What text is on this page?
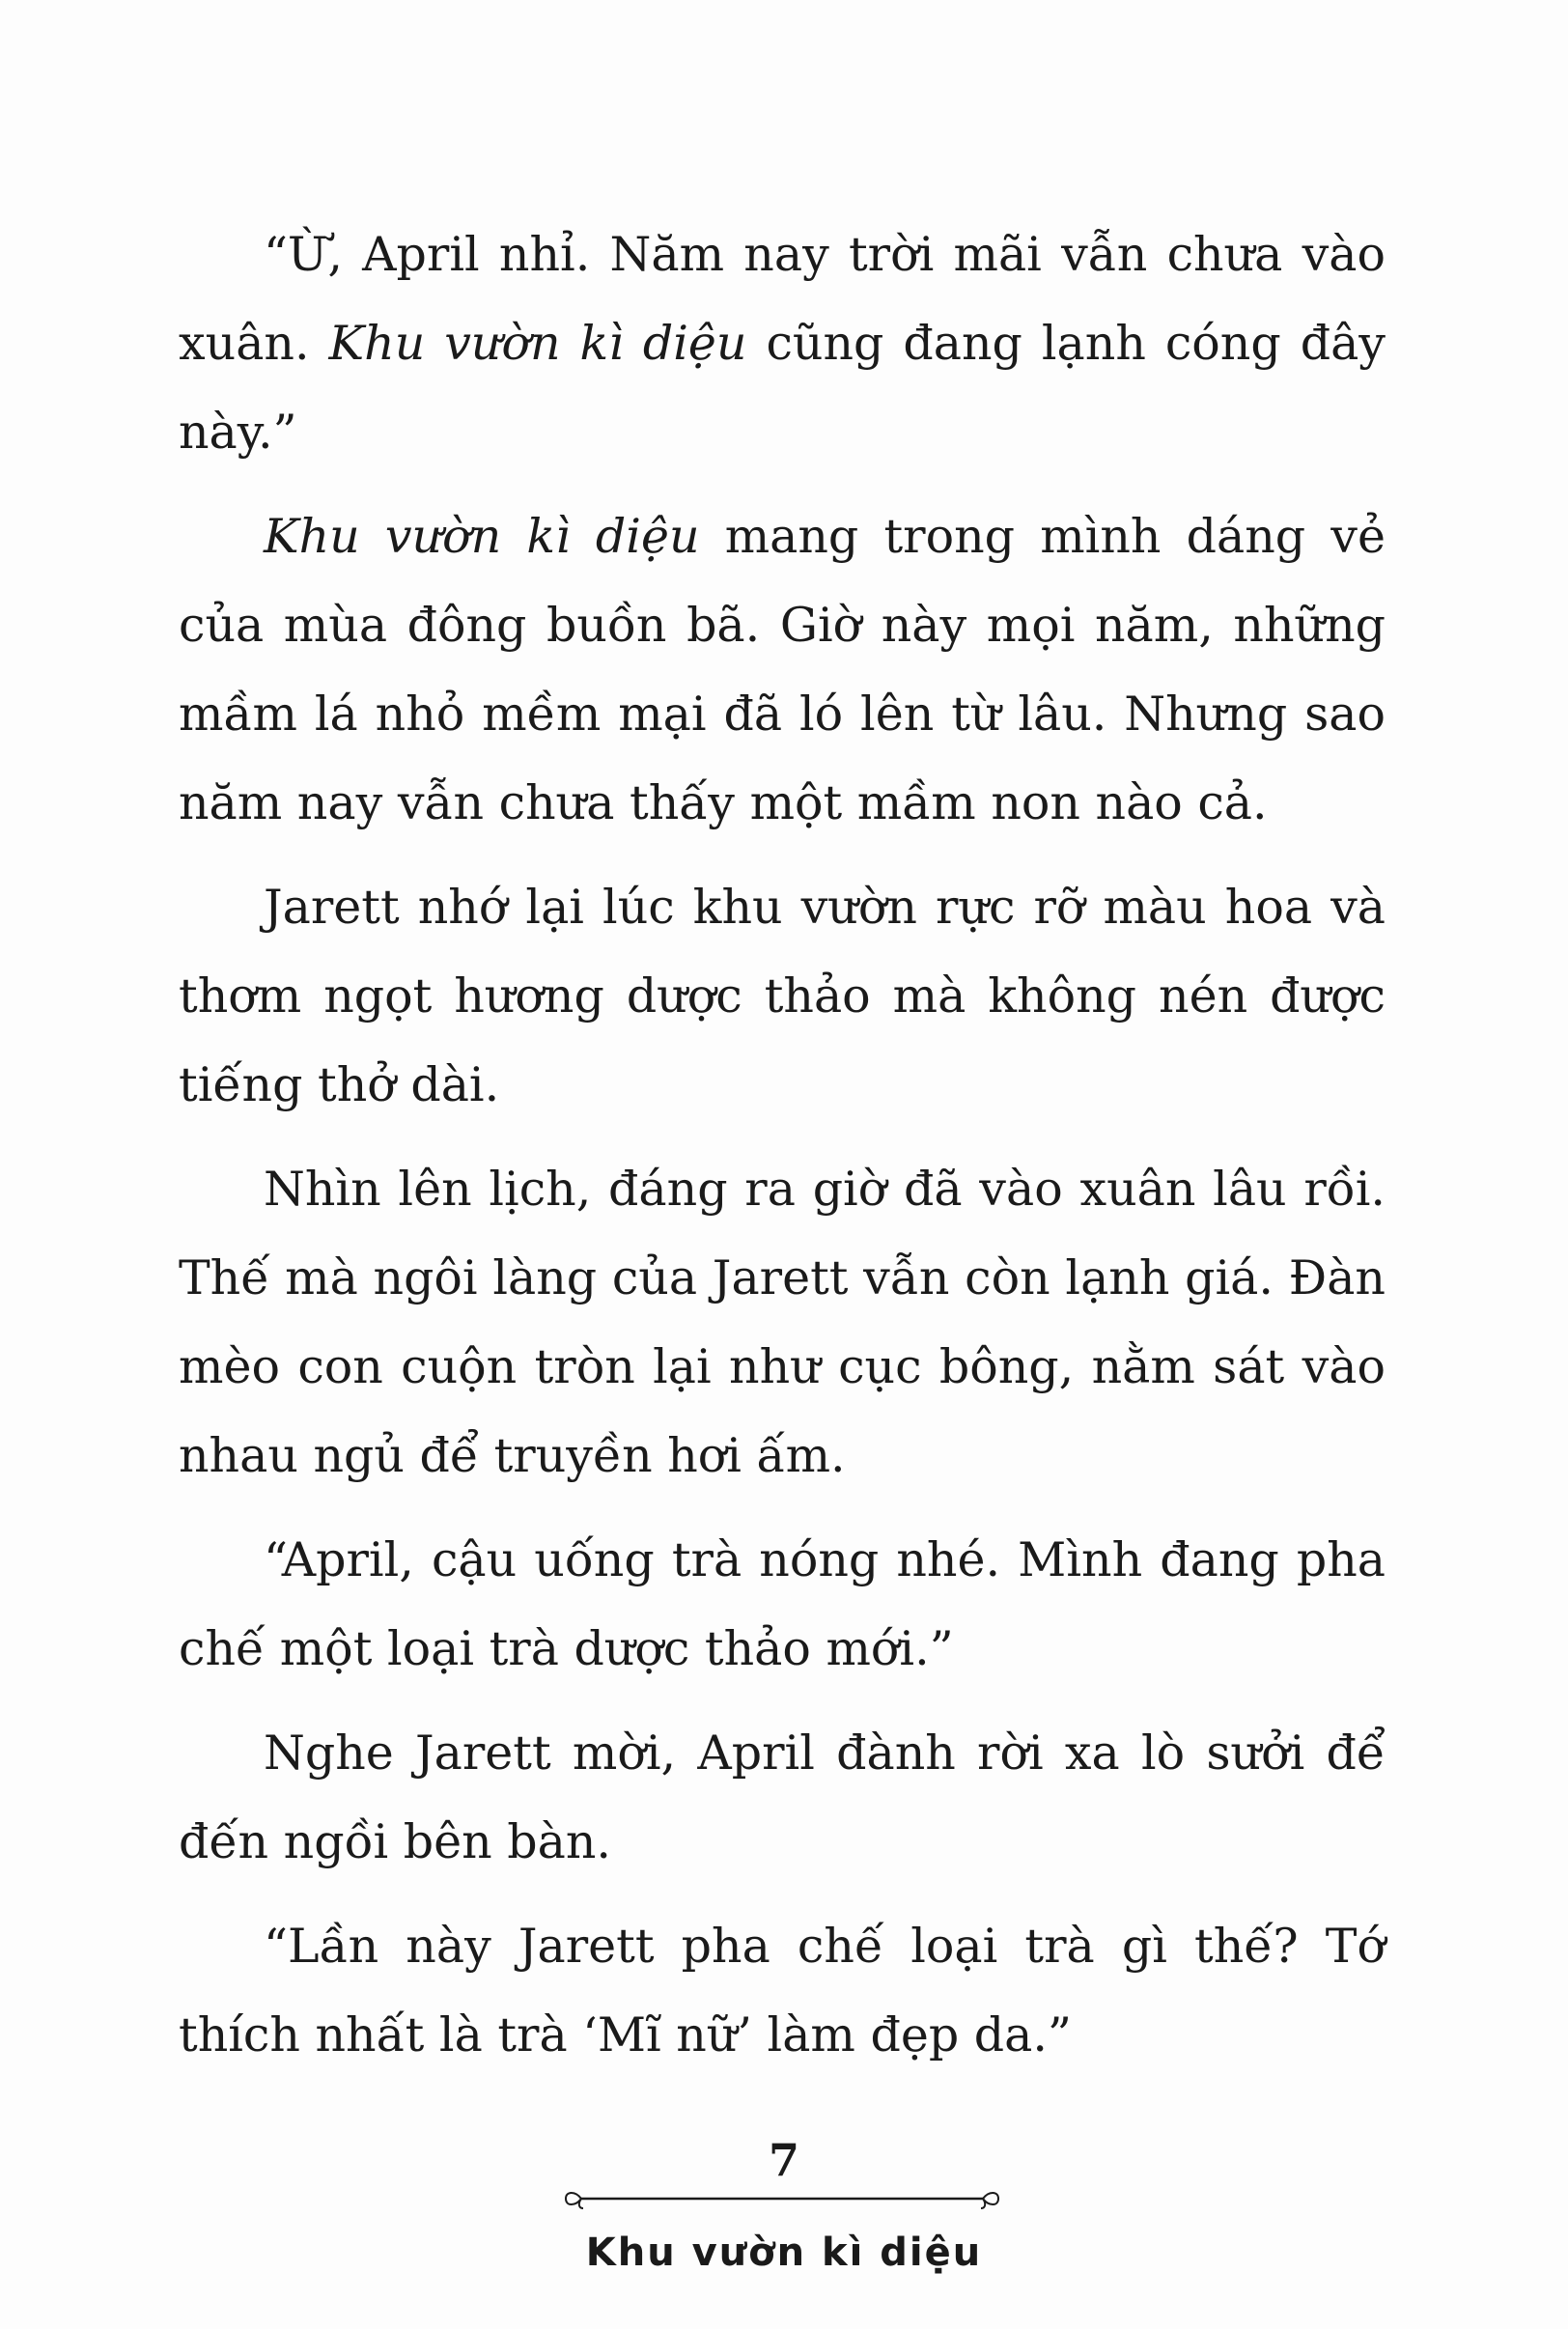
“Ừ, April nhỉ. Năm nay trời mãi vẫn chưa vào xuân. Khu vườn kì diệu cũng đang lạnh cóng đây này.”

Khu vườn kì diệu mang trong mình dáng vẻ của mùa đông buồn bã. Giờ này mọi năm, những mầm lá nhỏ mềm mại đã ló lên từ lâu. Nhưng sao năm nay vẫn chưa thấy một mầm non nào cả.

Jarett nhớ lại lúc khu vườn rực rỡ màu hoa và thơm ngọt hương dược thảo mà không nén được tiếng thở dài.

Nhìn lên lịch, đáng ra giờ đã vào xuân lâu rồi. Thế mà ngôi làng của Jarett vẫn còn lạnh giá. Đàn mèo con cuộn tròn lại như cục bông, nằm sát vào nhau ngủ để truyền hơi ấm.

“April, cậu uống trà nóng nhé. Mình đang pha chế một loại trà dược thảo mới.”

Nghe Jarett mời, April đành rời xa lò sưởi để đến ngồi bên bàn.

“Lần này Jarett pha chế loại trà gì thế? Tớ thích nhất là trà ‘Mĩ nữ’ làm đẹp da.”

7
Khu vườn kì diệu
